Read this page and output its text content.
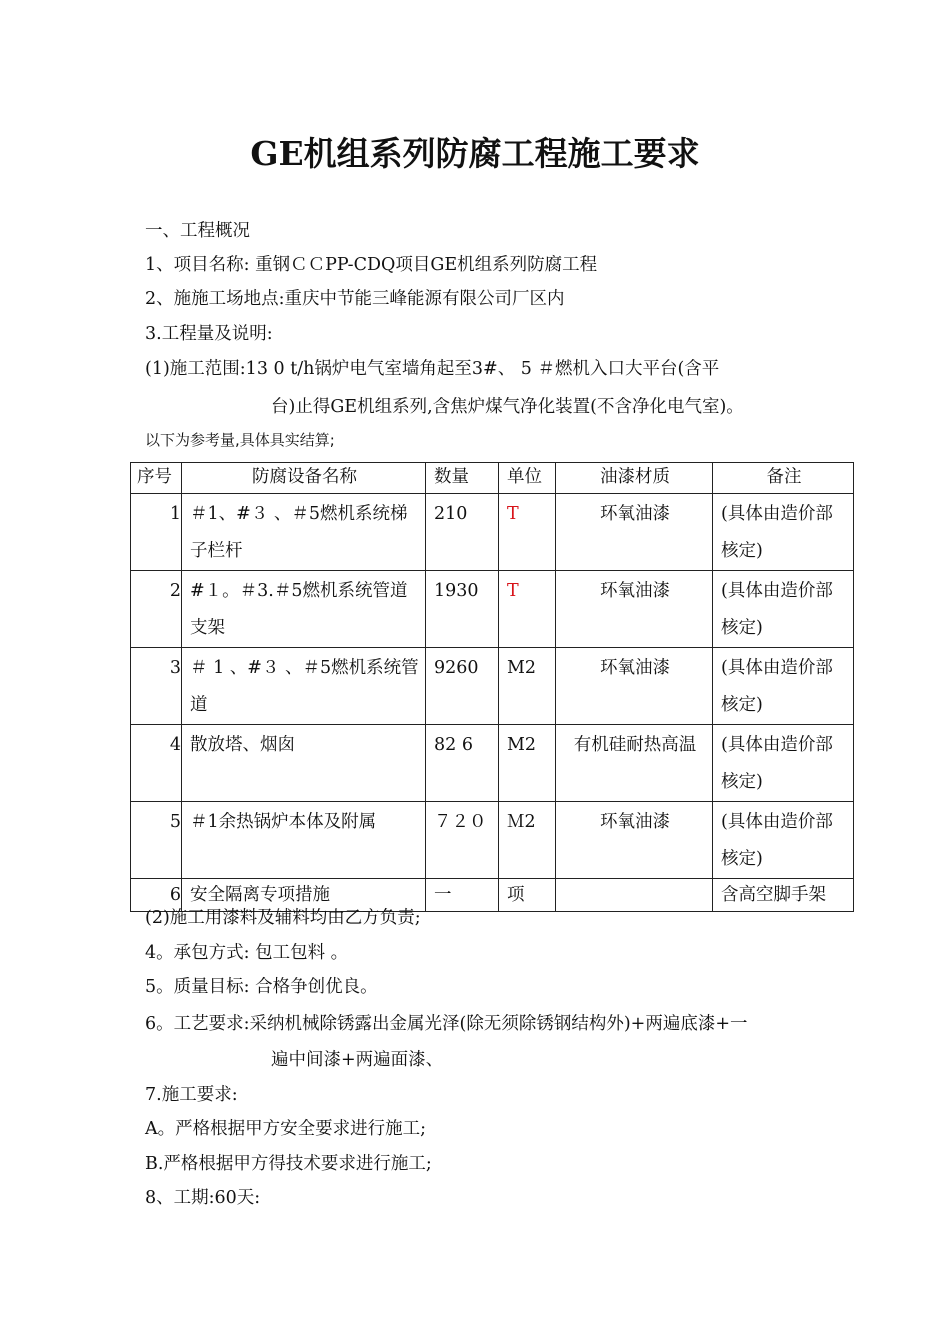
GE机组系列防腐工程施工要求
一、工程概况
1、项目名称: 重钢ＣＣPP-CDQ项目GE机组系列防腐工程
2、施施工场地点:重庆中节能三峰能源有限公司厂区内
3.工程量及说明:
(1)施工范围:13 0 t/h锅炉电气室墙角起至3#、 5 ＃燃机入口大平台(含平
台)止得GE机组系列,含焦炉煤气净化装置(不含净化电气室)。
以下为参考量,具体具实结算;
序号	防腐设备名称	数量	单位	油漆材质	备注
1	＃1、#３ 、＃5燃机系统梯子栏杆	210	T	环氧油漆	(具体由造价部核定)
2	#１。＃3.＃5燃机系统管道支架	1930	T	环氧油漆	(具体由造价部核定)
3	＃ 1 、#３ 、＃5燃机系统管道	9260	M2	环氧油漆	(具体由造价部核定)
4	散放塔、烟囱	82 6	M2	有机硅耐热高温	(具体由造价部核定)
5	＃1余热锅炉本体及附属	７２０	Ｍ2	环氧油漆	(具体由造价部核定)
6	安全隔离专项措施	一	项		含高空脚手架
(2)施工用漆料及辅料均由乙方负责;
4。承包方式: 包工包料 。
5。质量目标: 合格争创优良。
6。工艺要求:采纳机械除锈露出金属光泽(除无须除锈钢结构外)+两遍底漆+一
遍中间漆+两遍面漆、
7.施工要求:
A。严格根据甲方安全要求进行施工;
B.严格根据甲方得技术要求进行施工;
8、工期:60天:
